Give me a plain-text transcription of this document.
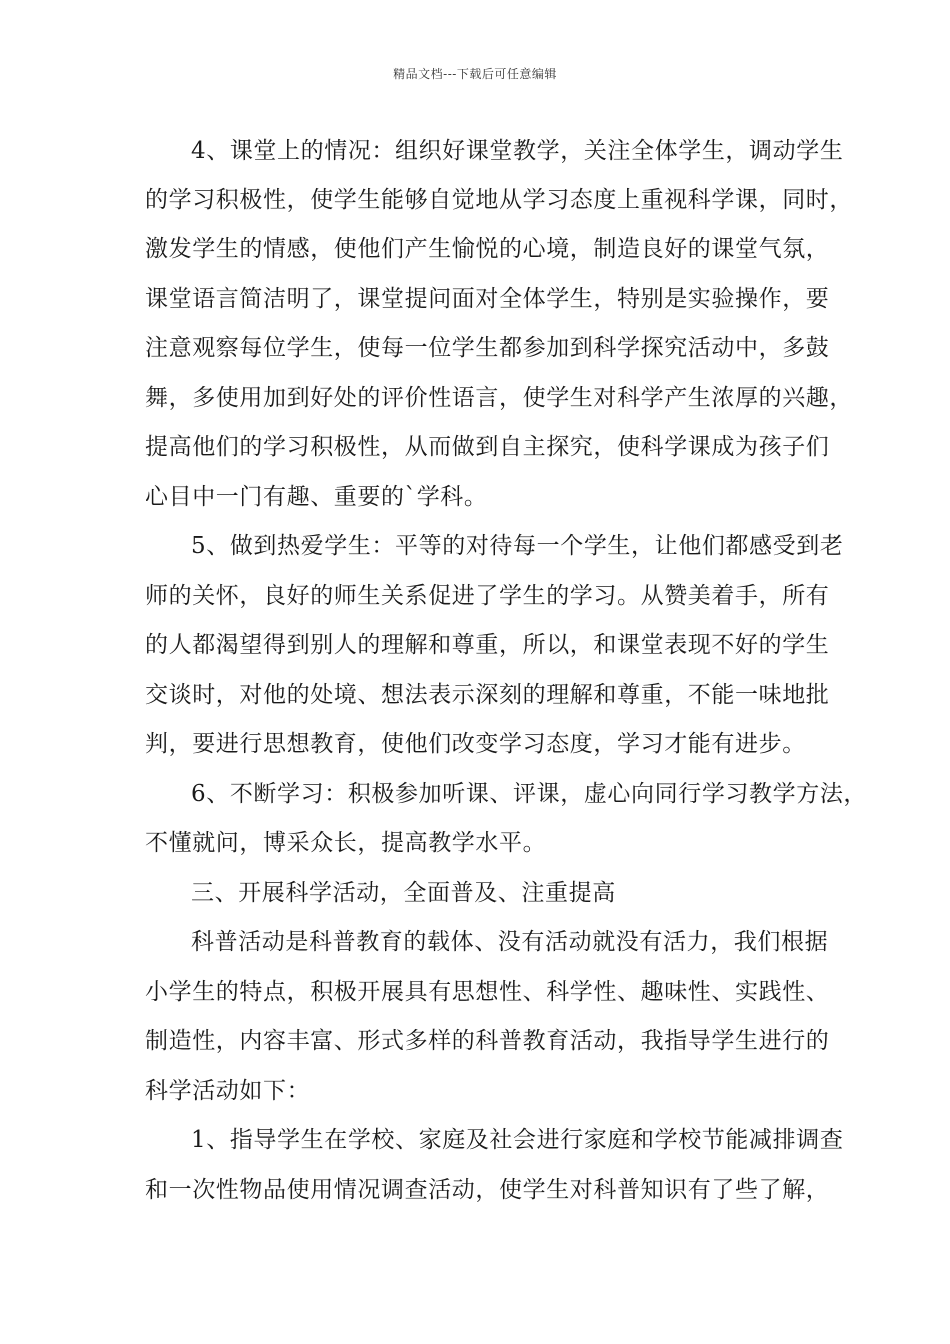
精品文档---下载后可任意编辑
4、课堂上的情况：组织好课堂教学，关注全体学生，调动学生
的学习积极性，使学生能够自觉地从学习态度上重视科学课，同时，
激发学生的情感，使他们产生愉悦的心境，制造良好的课堂气氛，
课堂语言简洁明了，课堂提问面对全体学生，特别是实验操作，要
注意观察每位学生，使每一位学生都参加到科学探究活动中，多鼓
舞，多使用加到好处的评价性语言，使学生对科学产生浓厚的兴趣，
提高他们的学习积极性，从而做到自主探究，使科学课成为孩子们
心目中一门有趣、重要的`学科。
5、做到热爱学生：平等的对待每一个学生，让他们都感受到老
师的关怀，良好的师生关系促进了学生的学习。从赞美着手，所有
的人都渴望得到别人的理解和尊重，所以，和课堂表现不好的学生
交谈时，对他的处境、想法表示深刻的理解和尊重，不能一味地批
判，要进行思想教育，使他们改变学习态度，学习才能有进步。
6、不断学习：积极参加听课、评课，虚心向同行学习教学方法，
不懂就问，博采众长，提高教学水平。
三、开展科学活动，全面普及、注重提高
科普活动是科普教育的载体、没有活动就没有活力，我们根据
小学生的特点，积极开展具有思想性、科学性、趣味性、实践性、
制造性，内容丰富、形式多样的科普教育活动，我指导学生进行的
科学活动如下：
1、指导学生在学校、家庭及社会进行家庭和学校节能减排调查
和一次性物品使用情况调查活动，使学生对科普知识有了些了解，
